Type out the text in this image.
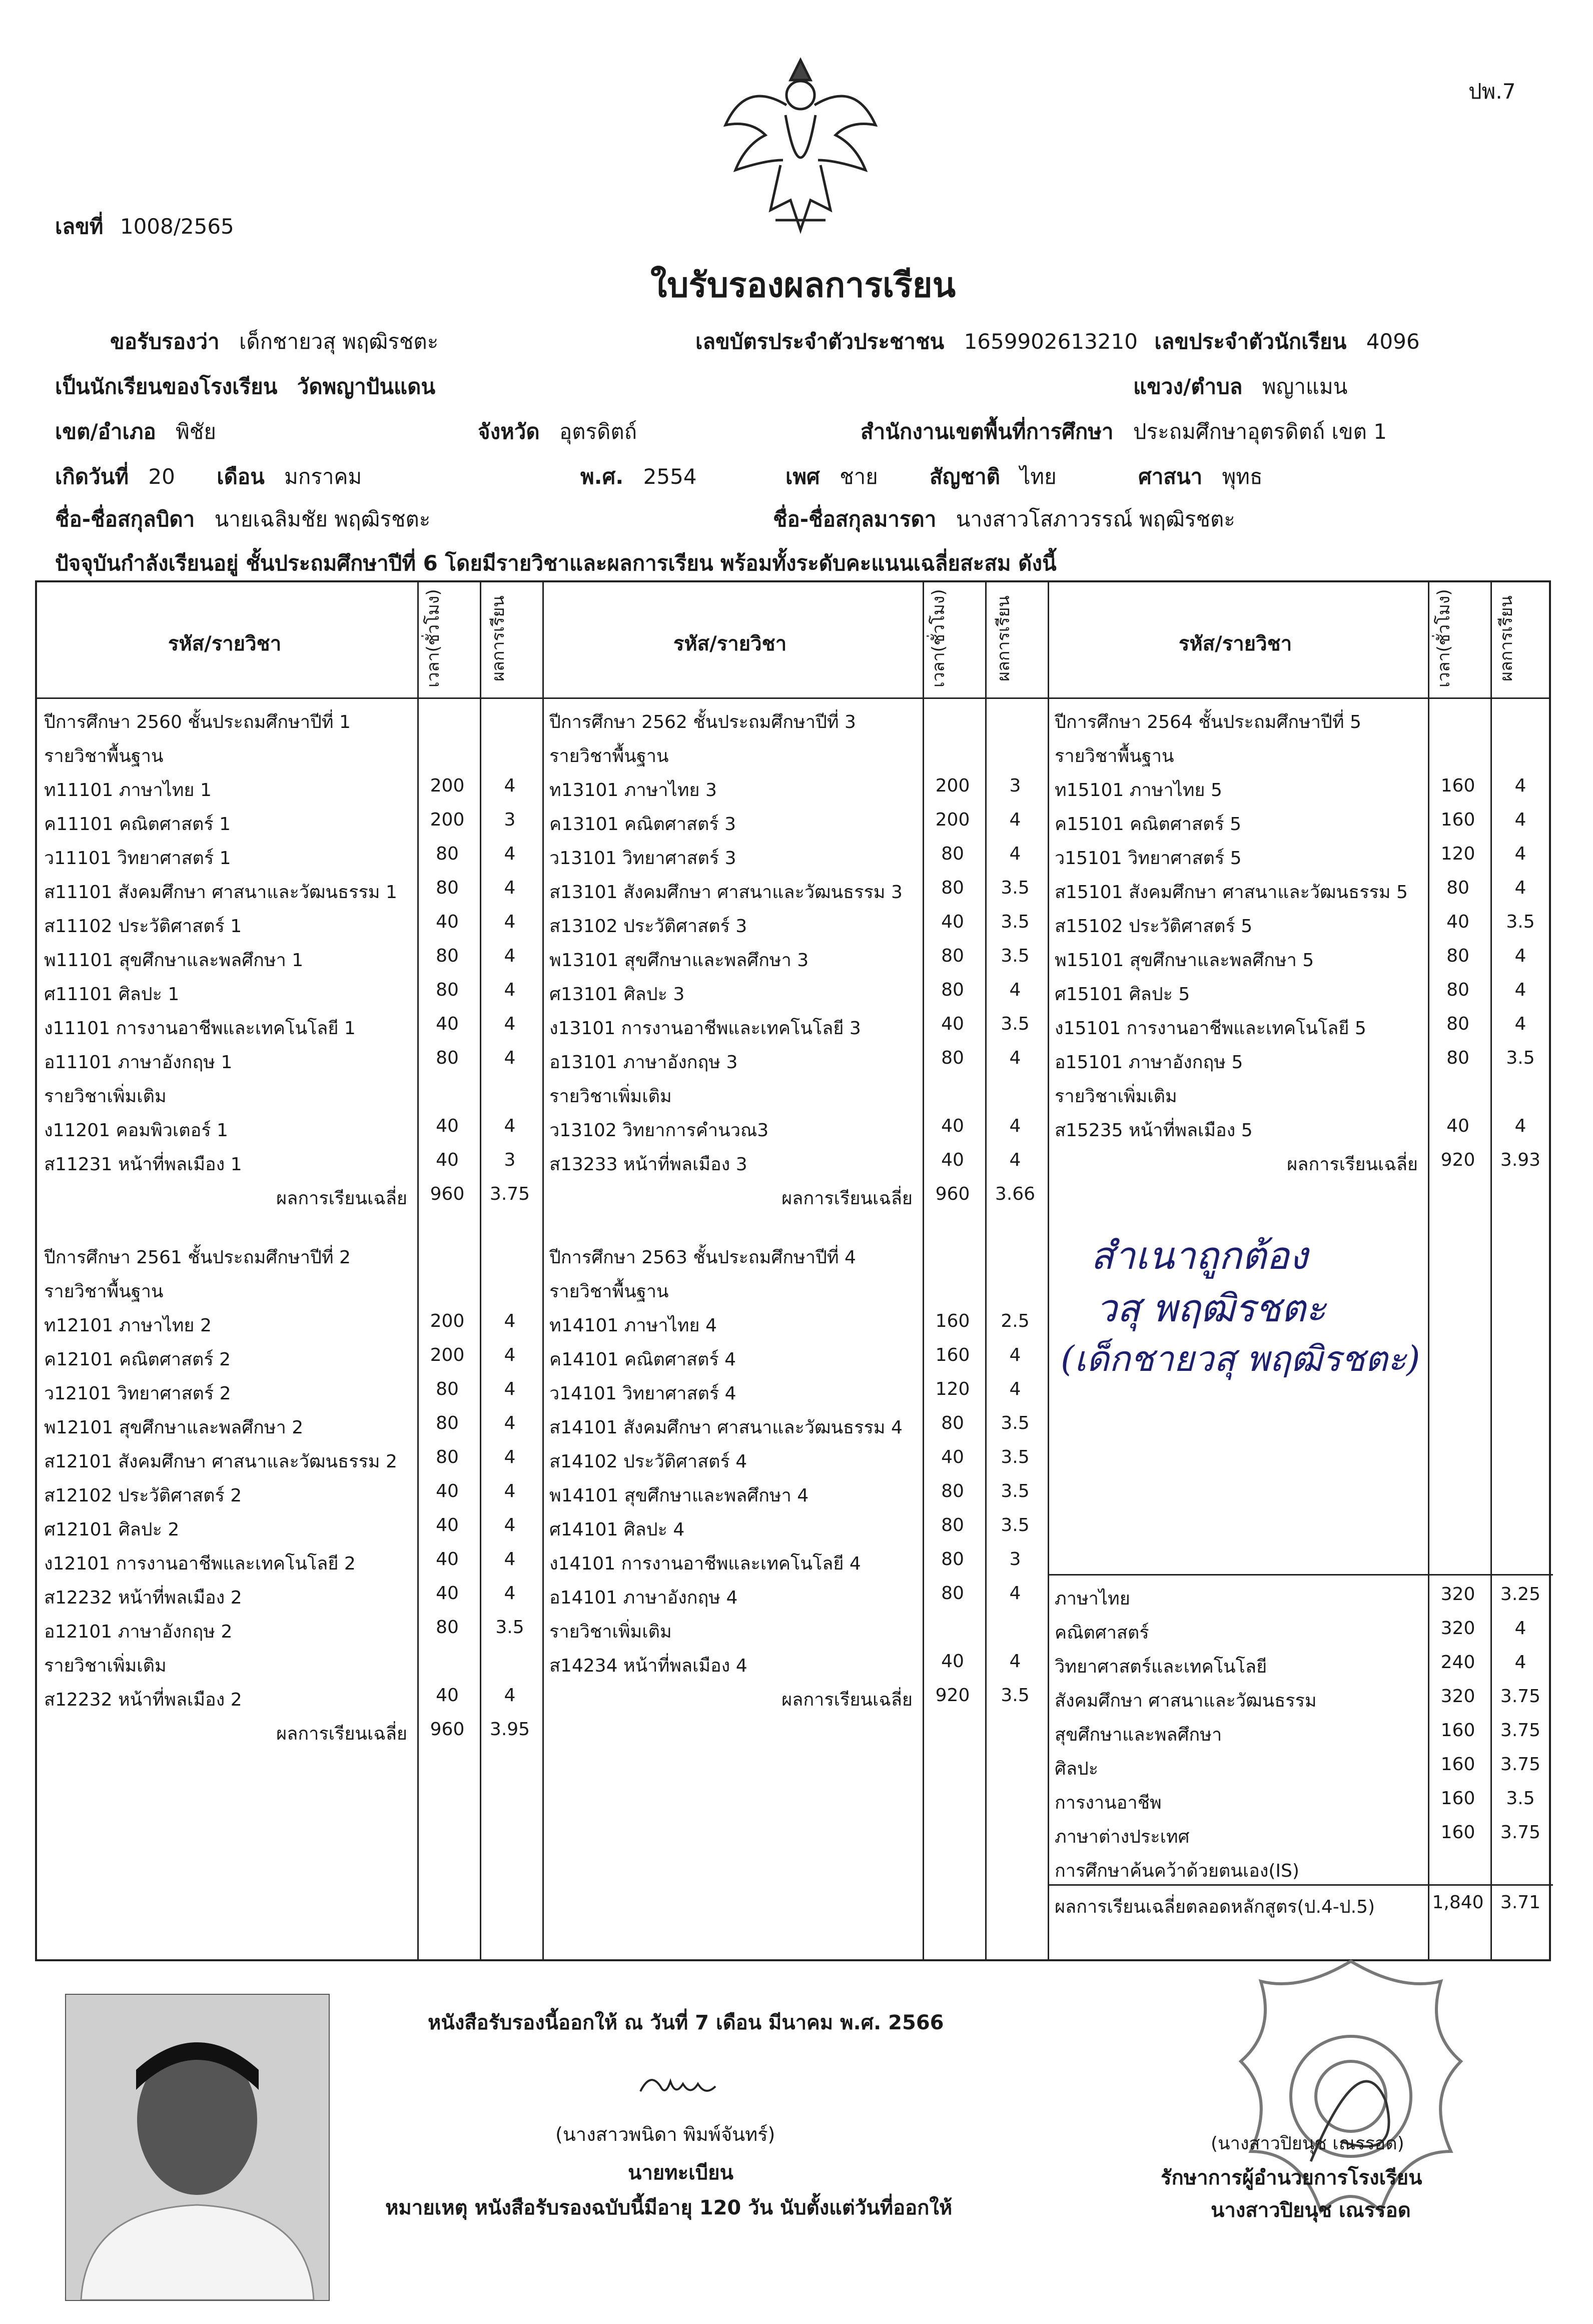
ปพ.7
เลขที่ 1008/2565
ใบรับรองผลการเรียน
ขอรับรองว่า เด็กชายวสุ พฤฒิรชตะ	เลขบัตรประจำตัวประชาชน 1659902613210 เลขประจำตัวนักเรียน 4096
เป็นนักเรียนของโรงเรียน วัดพญาปันแดน	แขวง/ตำบล พญาแมน
เขต/อำเภอ พิชัย	จังหวัด อุตรดิตถ์	สำนักงานเขตพื้นที่การศึกษา ประถมศึกษาอุตรดิตถ์ เขต 1
เกิดวันที่ 20 เดือน มกราคม	พ.ศ. 2554	เพศ ชาย สัญชาติ ไทย	ศาสนา พุทธ
ชื่อ-ชื่อสกุลบิดา นายเฉลิมชัย พฤฒิรชตะ	ชื่อ-ชื่อสกุลมารดา นางสาวโสภาวรรณ์ พฤฒิรชตะ
ปัจจุบันกำลังเรียนอยู่ ชั้นประถมศึกษาปีที่ 6 โดยมีรายวิชาและผลการเรียน พร้อมทั้งระดับคะแนนเฉลี่ยสะสม ดังนี้
รหัส/รายวิชา	เวลา(ชั่วโมง)	ผลการเรียน	รหัส/รายวิชา	เวลา(ชั่วโมง)	ผลการเรียน	รหัส/รายวิชา	เวลา(ชั่วโมง)	ผลการเรียน
ปีการศึกษา 2560 ชั้นประถมศึกษาปีที่ 1
รายวิชาพื้นฐาน
ท11101 ภาษาไทย 1	200	4
ค11101 คณิตศาสตร์ 1	200	3
ว11101 วิทยาศาสตร์ 1	80	4
ส11101 สังคมศึกษา ศาสนาและวัฒนธรรม 1	80	4
ส11102 ประวัติศาสตร์ 1	40	4
พ11101 สุขศึกษาและพลศึกษา 1	80	4
ศ11101 ศิลปะ 1	80	4
ง11101 การงานอาชีพและเทคโนโลยี 1	40	4
อ11101 ภาษาอังกฤษ 1	80	4
รายวิชาเพิ่มเติม
ง11201 คอมพิวเตอร์ 1	40	4
ส11231 หน้าที่พลเมือง 1	40	3
ผลการเรียนเฉลี่ย	960	3.75
ปีการศึกษา 2561 ชั้นประถมศึกษาปีที่ 2
รายวิชาพื้นฐาน
ท12101 ภาษาไทย 2	200	4
ค12101 คณิตศาสตร์ 2	200	4
ว12101 วิทยาศาสตร์ 2	80	4
พ12101 สุขศึกษาและพลศึกษา 2	80	4
ส12101 สังคมศึกษา ศาสนาและวัฒนธรรม 2	80	4
ส12102 ประวัติศาสตร์ 2	40	4
ศ12101 ศิลปะ 2	40	4
ง12101 การงานอาชีพและเทคโนโลยี 2	40	4
ส12232 หน้าที่พลเมือง 2	40	4
อ12101 ภาษาอังกฤษ 2	80	3.5
รายวิชาเพิ่มเติม
ส12232 หน้าที่พลเมือง 2	40	4
ผลการเรียนเฉลี่ย	960	3.95
ปีการศึกษา 2562 ชั้นประถมศึกษาปีที่ 3
รายวิชาพื้นฐาน
ท13101 ภาษาไทย 3	200	3
ค13101 คณิตศาสตร์ 3	200	4
ว13101 วิทยาศาสตร์ 3	80	4
ส13101 สังคมศึกษา ศาสนาและวัฒนธรรม 3	80	3.5
ส13102 ประวัติศาสตร์ 3	40	3.5
พ13101 สุขศึกษาและพลศึกษา 3	80	3.5
ศ13101 ศิลปะ 3	80	4
ง13101 การงานอาชีพและเทคโนโลยี 3	40	3.5
อ13101 ภาษาอังกฤษ 3	80	4
รายวิชาเพิ่มเติม
ว13102 วิทยาการคำนวณ3	40	4
ส13233 หน้าที่พลเมือง 3	40	4
ผลการเรียนเฉลี่ย	960	3.66
ปีการศึกษา 2563 ชั้นประถมศึกษาปีที่ 4
รายวิชาพื้นฐาน
ท14101 ภาษาไทย 4	160	2.5
ค14101 คณิตศาสตร์ 4	160	4
ว14101 วิทยาศาสตร์ 4	120	4
ส14101 สังคมศึกษา ศาสนาและวัฒนธรรม 4	80	3.5
ส14102 ประวัติศาสตร์ 4	40	3.5
พ14101 สุขศึกษาและพลศึกษา 4	80	3.5
ศ14101 ศิลปะ 4	80	3.5
ง14101 การงานอาชีพและเทคโนโลยี 4	80	3
อ14101 ภาษาอังกฤษ 4	80	4
รายวิชาเพิ่มเติม
ส14234 หน้าที่พลเมือง 4	40	4
ผลการเรียนเฉลี่ย	920	3.5
ปีการศึกษา 2564 ชั้นประถมศึกษาปีที่ 5
รายวิชาพื้นฐาน
ท15101 ภาษาไทย 5	160	4
ค15101 คณิตศาสตร์ 5	160	4
ว15101 วิทยาศาสตร์ 5	120	4
ส15101 สังคมศึกษา ศาสนาและวัฒนธรรม 5	80	4
ส15102 ประวัติศาสตร์ 5	40	3.5
พ15101 สุขศึกษาและพลศึกษา 5	80	4
ศ15101 ศิลปะ 5	80	4
ง15101 การงานอาชีพและเทคโนโลยี 5	80	4
อ15101 ภาษาอังกฤษ 5	80	3.5
รายวิชาเพิ่มเติม
ส15235 หน้าที่พลเมือง 5	40	4
ผลการเรียนเฉลี่ย	920	3.93
ภาษาไทย	320	3.25
คณิตศาสตร์	320	4
วิทยาศาสตร์และเทคโนโลยี	240	4
สังคมศึกษา ศาสนาและวัฒนธรรม	320	3.75
สุขศึกษาและพลศึกษา	160	3.75
ศิลปะ	160	3.75
การงานอาชีพ	160	3.5
ภาษาต่างประเทศ	160	3.75
การศึกษาค้นคว้าด้วยตนเอง(IS)
ผลการเรียนเฉลี่ยตลอดหลักสูตร(ป.4-ป.5)	1,840 3.71
สำเนาถูกต้อง
วสุ พฤฒิรชตะ
(เด็กชายวสุ พฤฒิรชตะ)
หนังสือรับรองนี้ออกให้ ณ วันที่ 7 เดือน มีนาคม พ.ศ. 2566
(นางสาวพนิดา พิมพ์จันทร์)
นายทะเบียน
หมายเหตุ หนังสือรับรองฉบับนี้มีอายุ 120 วัน นับตั้งแต่วันที่ออกให้
(นางสาวปิยนุช เณรรอด)
รักษาการผู้อำนวยการโรงเรียน
นางสาวปิยนุช เณรรอด
